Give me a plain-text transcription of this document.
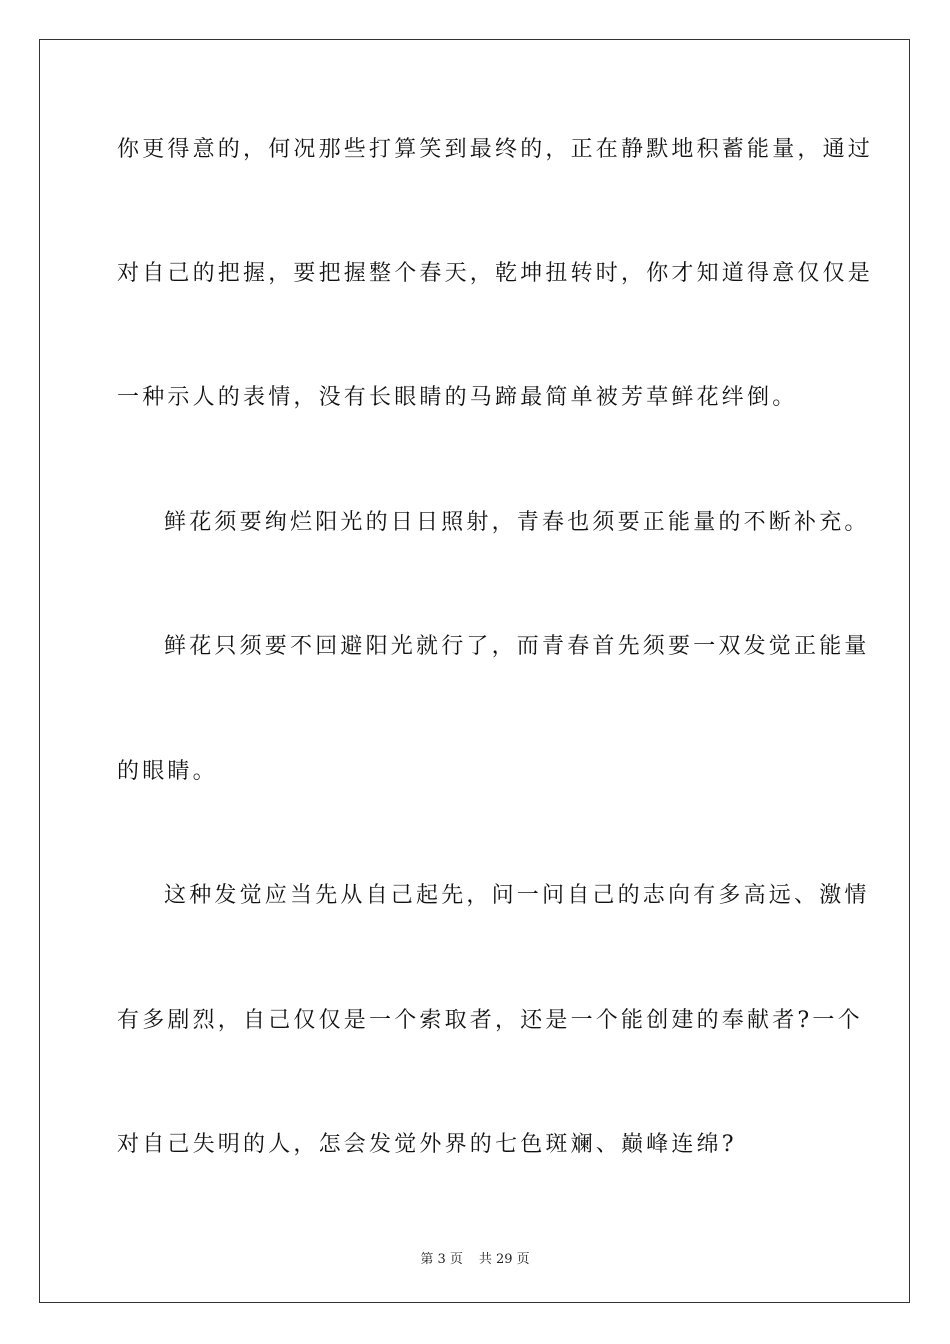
你更得意的，何况那些打算笑到最终的，正在静默地积蓄能量，通过
对自己的把握，要把握整个春天，乾坤扭转时，你才知道得意仅仅是
一种示人的表情，没有长眼睛的马蹄最简单被芳草鲜花绊倒。
鲜花须要绚烂阳光的日日照射，青春也须要正能量的不断补充。
鲜花只须要不回避阳光就行了，而青春首先须要一双发觉正能量
的眼睛。
这种发觉应当先从自己起先，问一问自己的志向有多高远、激情
有多剧烈，自己仅仅是一个索取者，还是一个能创建的奉献者?一个
对自己失明的人，怎会发觉外界的七色斑斓、巅峰连绵?
第 3 页 共 29 页
